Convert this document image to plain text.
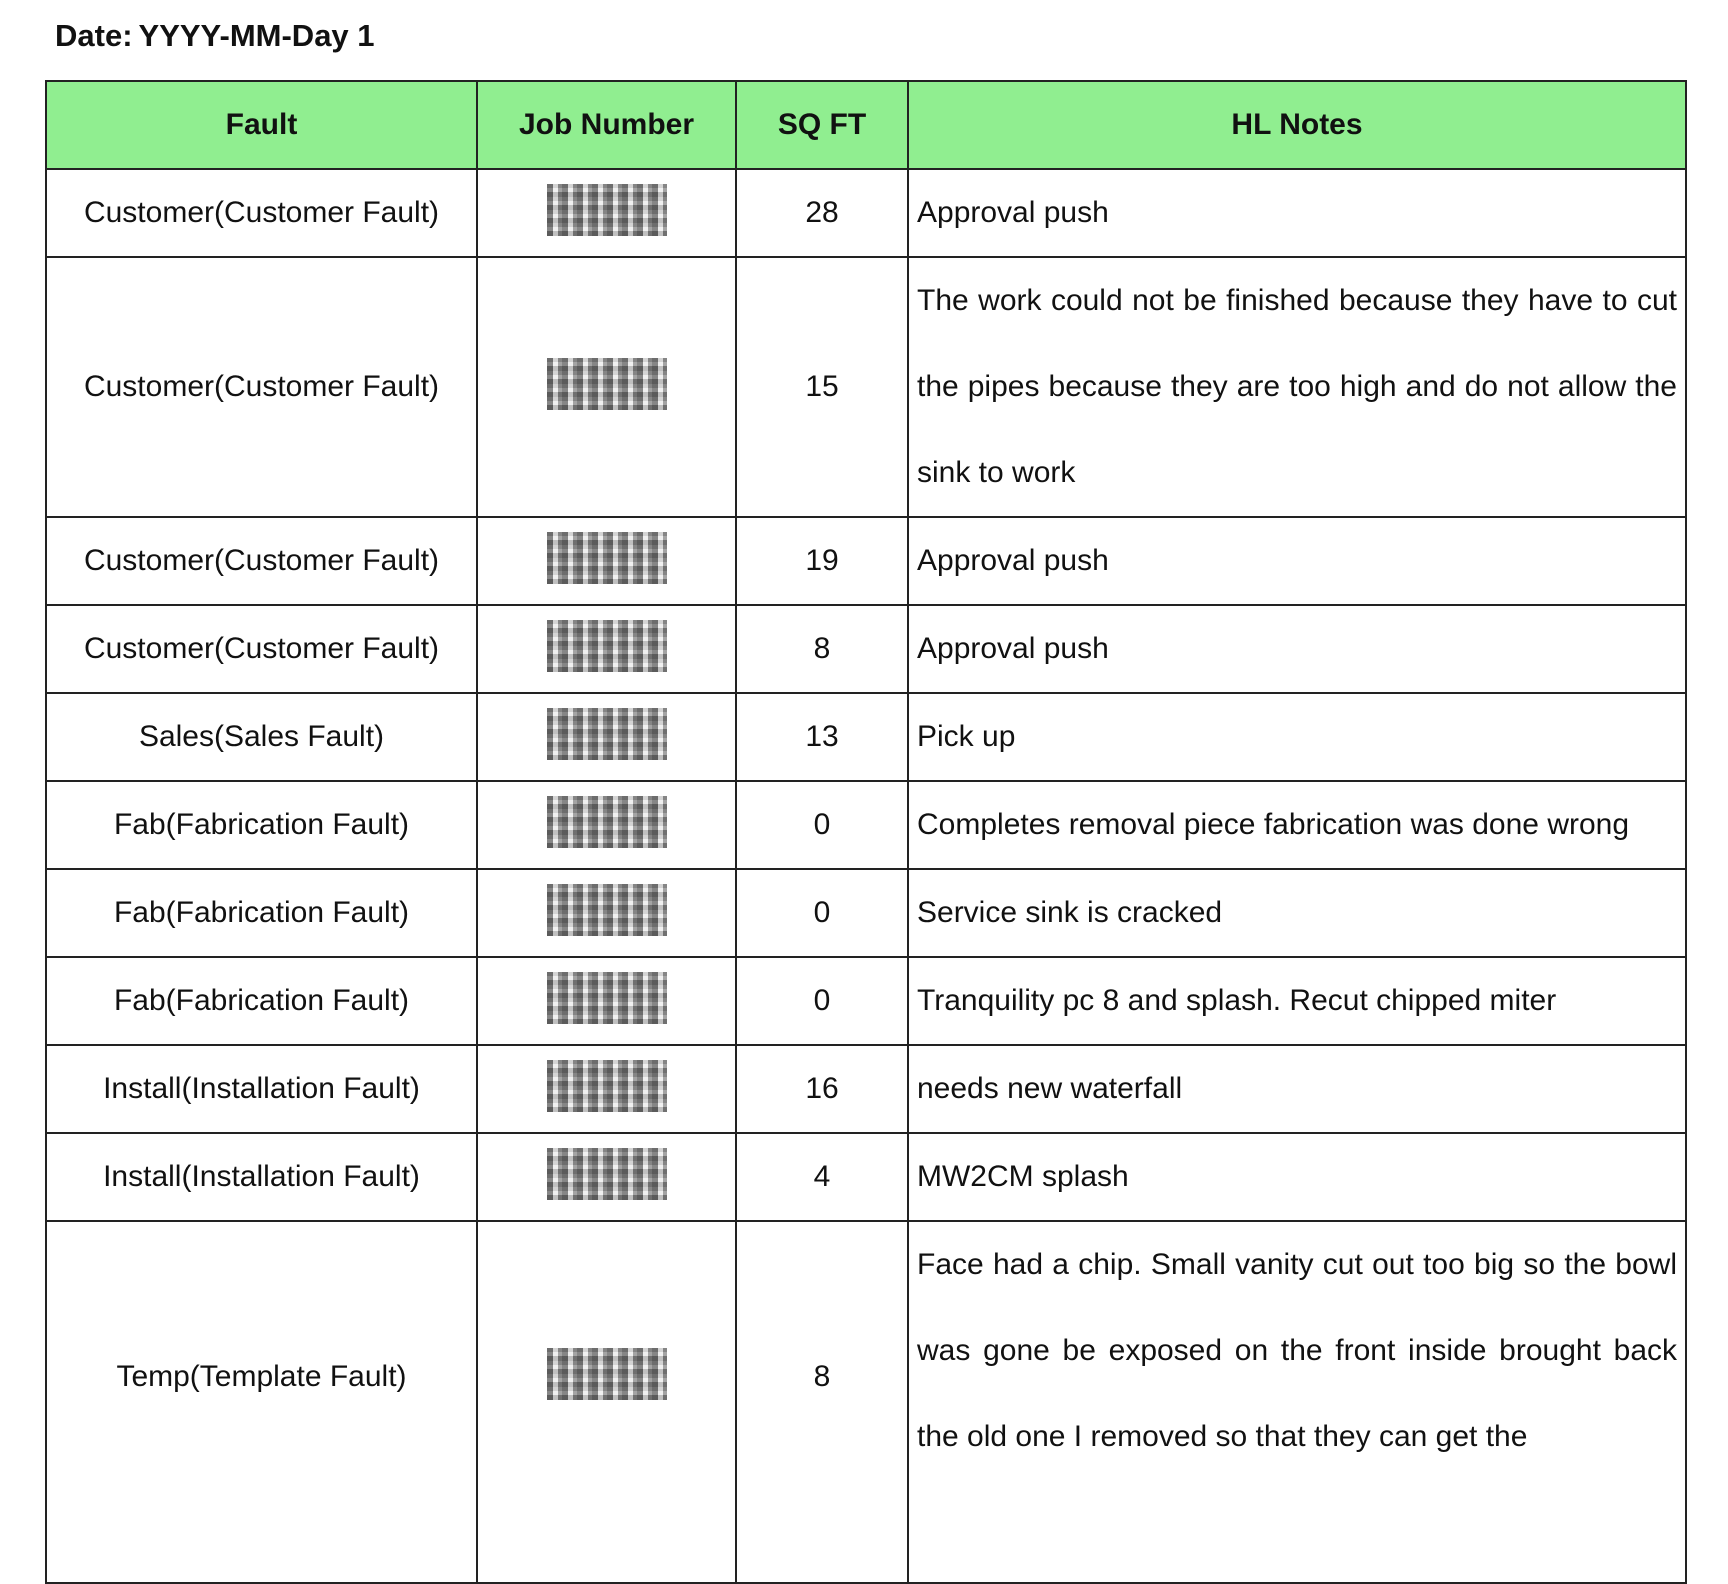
Date: YYYY-MM-Day 1
Fault	Job Number	SQ FT	HL Notes
Customer(Customer Fault)		28	Approval push
Customer(Customer Fault)		15	The work could not be finished because they have to cut the pipes because they are too high and do not allow the sink to work
Customer(Customer Fault)		19	Approval push
Customer(Customer Fault)		8	Approval push
Sales(Sales Fault)		13	Pick up
Fab(Fabrication Fault)		0	Completes removal piece fabrication was done wrong
Fab(Fabrication Fault)		0	Service sink is cracked
Fab(Fabrication Fault)		0	Tranquility pc 8 and splash. Recut chipped miter
Install(Installation Fault)		16	needs new waterfall
Install(Installation Fault)		4	MW2CM splash
Temp(Template Fault)		8	Face had a chip. Small vanity cut out too big so the bowl was gone be exposed on the front inside brought back the old one I removed so that they can get the
